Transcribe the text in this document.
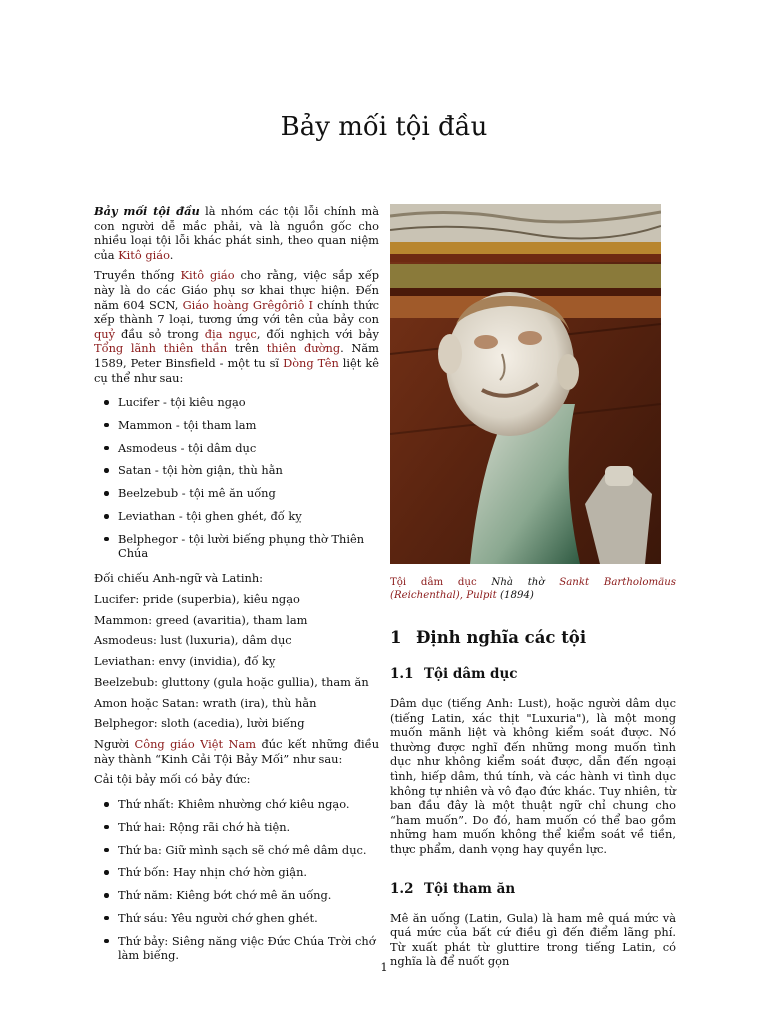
Bảy mối tội đầu

Bảy mối tội đầu là nhóm các tội lỗi chính mà con người dễ mắc phải, và là nguồn gốc cho nhiều loại tội lỗi khác phát sinh, theo quan niệm của Kitô giáo.

Truyền thống Kitô giáo cho rằng, việc sắp xếp này là do các Giáo phụ sơ khai thực hiện. Đến năm 604 SCN, Giáo hoàng Grêgôriô I chính thức xếp thành 7 loại, tương ứng với tên của bảy con quỷ đầu sỏ trong địa ngục, đối nghịch với bảy Tổng lãnh thiên thần trên thiên đường. Năm 1589, Peter Binsfield - một tu sĩ Dòng Tên liệt kê cụ thể như sau:

Lucifer - tội kiêu ngạo
Mammon - tội tham lam
Asmodeus - tội dâm dục
Satan - tội hờn giận, thù hằn
Beelzebub - tội mê ăn uống
Leviathan - tội ghen ghét, đố kỵ
Belphegor - tội lười biếng phụng thờ Thiên Chúa
Đối chiếu Anh-ngữ và Latinh:
Lucifer: pride (superbia), kiêu ngạo
Mammon: greed (avaritia), tham lam
Asmodeus: lust (luxuria), dâm dục
Leviathan: envy (invidia), đố kỵ
Beelzebub: gluttony (gula hoặc gullia), tham ăn
Amon hoặc Satan: wrath (ira), thù hằn
Belphegor: sloth (acedia), lười biếng

Người Công giáo Việt Nam đúc kết những điều này thành “Kinh Cải Tội Bảy Mối” như sau:

Cải tội bảy mối có bảy đức:
Thứ nhất: Khiêm nhường chớ kiêu ngạo.
Thứ hai: Rộng rãi chớ hà tiện.
Thứ ba: Giữ mình sạch sẽ chớ mê dâm dục.
Thứ bốn: Hay nhịn chớ hờn giận.
Thứ năm: Kiêng bớt chớ mê ăn uống.
Thứ sáu: Yêu người chớ ghen ghét.
Thứ bảy: Siêng năng việc Đức Chúa Trời chớ làm biếng.
Tội dâm dục Nhà thờ Sankt Bartholomäus (Reichenthal), Pulpit (1894)
1 Định nghĩa các tội
1.1 Tội dâm dục

Dâm dục (tiếng Anh: Lust), hoặc người dâm dục (tiếng Latin, xác thịt "Luxuria"), là một mong muốn mãnh liệt và không kiểm soát được. Nó thường được nghĩ đến những mong muốn tình dục như không kiểm soát được, dẫn đến ngoại tình, hiếp dâm, thú tính, và các hành vi tình dục không tự nhiên và vô đạo đức khác. Tuy nhiên, từ ban đầu đây là một thuật ngữ chỉ chung cho “ham muốn”. Do đó, ham muốn có thể bao gồm những ham muốn không thể kiểm soát về tiền, thực phẩm, danh vọng hay quyền lực.

1.2 Tội tham ăn

Mê ăn uống (Latin, Gula) là ham mê quá mức và quá mức của bất cứ điều gì đến điểm lãng phí. Từ xuất phát từ gluttire trong tiếng Latin, có nghĩa là để nuốt gọn

1
